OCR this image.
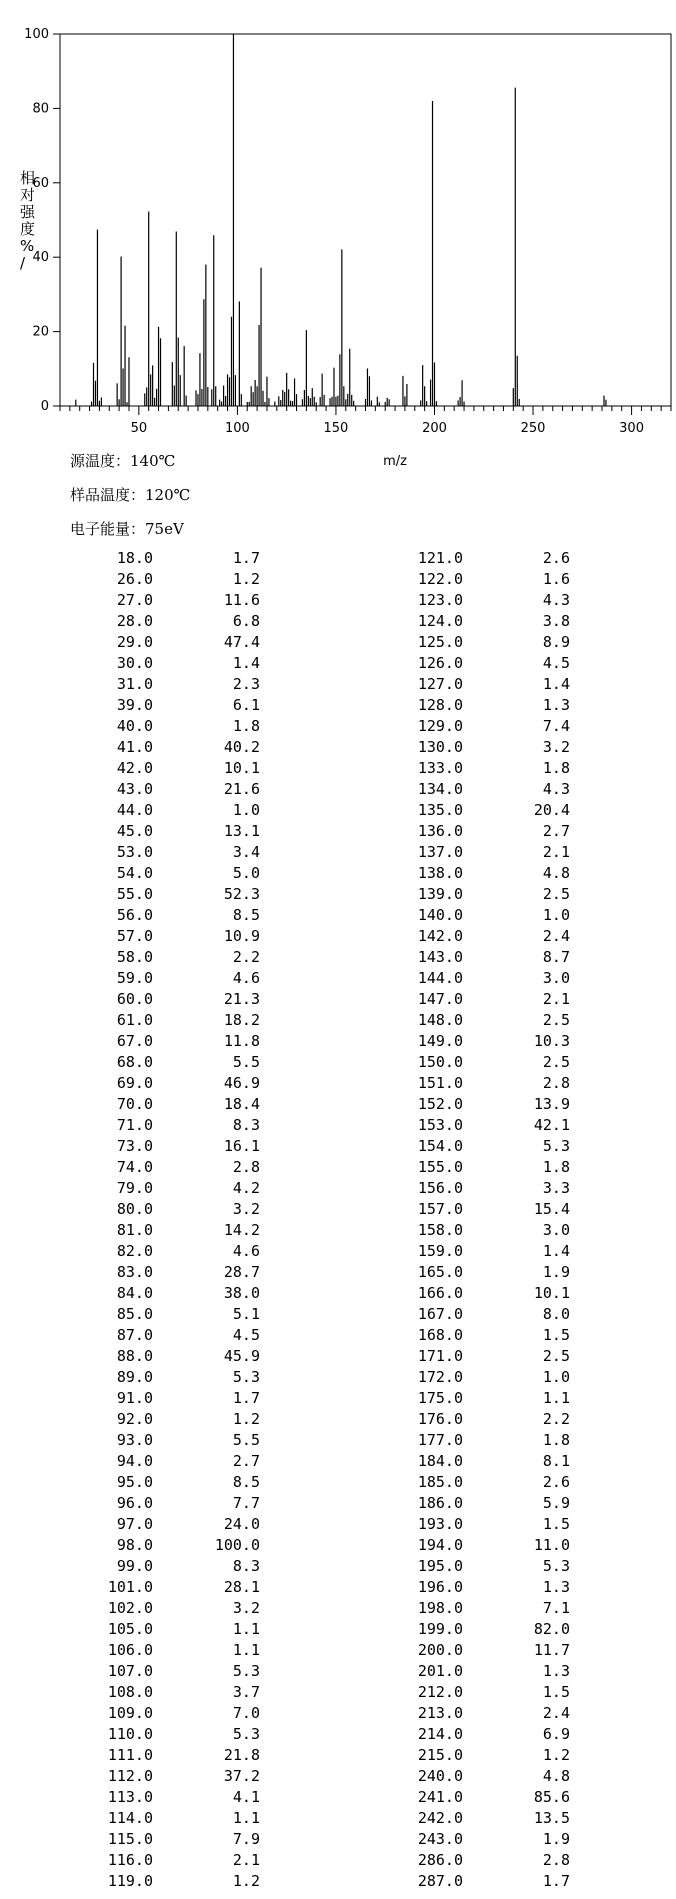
0
20
40
60
80
100
50	100	150	200	250	300
m/z
相对强度% /
源温度：140℃
样品温度：120℃
电子能量：75eV
18.0	1.7	121.0	2.6
26.0	1.2	122.0	1.6
27.0	11.6	123.0	4.3
28.0	6.8	124.0	3.8
29.0	47.4	125.0	8.9
30.0	1.4	126.0	4.5
31.0	2.3	127.0	1.4
39.0	6.1	128.0	1.3
40.0	1.8	129.0	7.4
41.0	40.2	130.0	3.2
42.0	10.1	133.0	1.8
43.0	21.6	134.0	4.3
44.0	1.0	135.0	20.4
45.0	13.1	136.0	2.7
53.0	3.4	137.0	2.1
54.0	5.0	138.0	4.8
55.0	52.3	139.0	2.5
56.0	8.5	140.0	1.0
57.0	10.9	142.0	2.4
58.0	2.2	143.0	8.7
59.0	4.6	144.0	3.0
60.0	21.3	147.0	2.1
61.0	18.2	148.0	2.5
67.0	11.8	149.0	10.3
68.0	5.5	150.0	2.5
69.0	46.9	151.0	2.8
70.0	18.4	152.0	13.9
71.0	8.3	153.0	42.1
73.0	16.1	154.0	5.3
74.0	2.8	155.0	1.8
79.0	4.2	156.0	3.3
80.0	3.2	157.0	15.4
81.0	14.2	158.0	3.0
82.0	4.6	159.0	1.4
83.0	28.7	165.0	1.9
84.0	38.0	166.0	10.1
85.0	5.1	167.0	8.0
87.0	4.5	168.0	1.5
88.0	45.9	171.0	2.5
89.0	5.3	172.0	1.0
91.0	1.7	175.0	1.1
92.0	1.2	176.0	2.2
93.0	5.5	177.0	1.8
94.0	2.7	184.0	8.1
95.0	8.5	185.0	2.6
96.0	7.7	186.0	5.9
97.0	24.0	193.0	1.5
98.0	100.0	194.0	11.0
99.0	8.3	195.0	5.3
101.0	28.1	196.0	1.3
102.0	3.2	198.0	7.1
105.0	1.1	199.0	82.0
106.0	1.1	200.0	11.7
107.0	5.3	201.0	1.3
108.0	3.7	212.0	1.5
109.0	7.0	213.0	2.4
110.0	5.3	214.0	6.9
111.0	21.8	215.0	1.2
112.0	37.2	240.0	4.8
113.0	4.1	241.0	85.6
114.0	1.1	242.0	13.5
115.0	7.9	243.0	1.9
116.0	2.1	286.0	2.8
119.0	1.2	287.0	1.7
